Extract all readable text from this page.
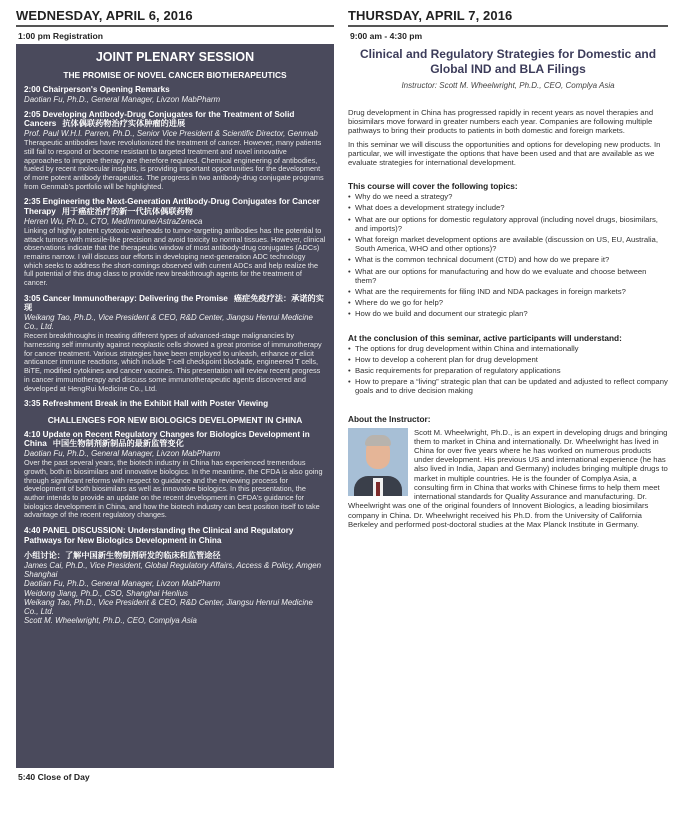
WEDNESDAY, APRIL 6, 2016
1:00 pm Registration
JOINT PLENARY SESSION
THE PROMISE OF NOVEL CANCER BIOTHERAPEUTICS
2:00 Chairperson's Opening Remarks
Daotian Fu, Ph.D., General Manager, Livzon MabPharm
2:05 Developing Antibody-Drug Conjugates for the Treatment of Solid Cancers 抗体偶联药物治疗实体肿瘤的进展
Prof. Paul W.H.I. Parren, Ph.D., Senior Vice President & Scientific Director, Genmab
Therapeutic antibodies have revolutionized the treatment of cancer. However, many patients still fail to respond or become resistant to targeted treatment and novel innovative approaches to improve therapy are therefore required. Chemical engineering of antibodies, fueled by recent molecular insights, is providing important opportunities for the development of more potent antibody therapeutics. The progress in two antibody-drug conjugate programs from Genmab's portfolio will be highlighted.
2:35 Engineering the Next-Generation Antibody-Drug Conjugates for Cancer Therapy 用于癌症治疗的新一代抗体偶联药物
Herren Wu, Ph.D., CTO, MedImmune/AstraZeneca
Linking of highly potent cytotoxic warheads to tumor-targeting antibodies has the potential to attack tumors with missile-like precision and avoid toxicity to normal tissues. However, clinical observations indicate that the therapeutic window of most antibody-drug conjugates (ADCs) remains narrow. I will discuss our efforts in developing next-generation ADC technology which seeks to address the short-comings observed with current ADCs and help realize the full potential of this drug class to provide new breakthrough agents for the treatment of cancer.
3:05 Cancer Immunotherapy: Delivering the Promise 癌症免疫疗法：承诺的实现
Weikang Tao, Ph.D., Vice President & CEO, R&D Center, Jiangsu Henrui Medicine Co., Ltd.
Recent breakthroughs in treating different types of advanced-stage malignancies by harnessing self immunity against neoplastic cells showed a great promise of immunotherapy for cancer treatment. Various strategies have been employed to unleash, enhance or elicit anticancer immune reactions, which include T-cell checkpoint blockade, engineered T cells, BiTE, modified cytokines and cancer vaccines. This presentation will review recent progress in cancer immunotherapy and discuss some immunotherapeutic agents discovered and developed at HengRui Medicine Co., Ltd.
3:35 Refreshment Break in the Exhibit Hall with Poster Viewing
CHALLENGES FOR NEW BIOLOGICS DEVELOPMENT IN CHINA
4:10 Update on Recent Regulatory Changes for Biologics Development in China 中国生物制剂新制品的最新监管变化
Daotian Fu, Ph.D., General Manager, Livzon MabPharm
Over the past several years, the biotech industry in China has experienced tremendous growth, both in biosimilars and innovative biologics. In the meantime, the CFDA is also going through significant reforms with respect to guidance and the reviewing process for development of both biosimilars as well as innovative biologics. In this presentation, the author intends to provide an update on the recent development in CFDA's guidance for biologics development in China, and how the biotech industry can best position itself to take advantage of the recent regulatory changes.
4:40 PANEL DISCUSSION: Understanding the Clinical and Regulatory Pathways for New Biologics Development in China
小组讨论：了解中国新生物制剂研发的临床和监管途径
James Cai, Ph.D., Vice President, Global Regulatory Affairs, Access & Policy, Amgen Shanghai
Daotian Fu, Ph.D., General Manager, Livzon MabPharm
Weidong Jiang, Ph.D., CSO, Shanghai Henlius
Weikang Tao, Ph.D., Vice President & CEO, R&D Center, Jiangsu Henrui Medicine Co., Ltd.
Scott M. Wheelwright, Ph.D., CEO, Complya Asia
5:40 Close of Day
THURSDAY, APRIL 7, 2016
9:00 am - 4:30 pm
Clinical and Regulatory Strategies for Domestic and Global IND and BLA Filings
Instructor: Scott M. Wheelwright, Ph.D., CEO, Complya Asia

Drug development in China has progressed rapidly in recent years as novel therapies and biosimilars move forward in greater numbers each year. Companies are following multiple pathways to bring their products to patients in both domestic and foreign markets.

In this seminar we will discuss the opportunities and options for developing new products. In particular, we will investigate the options that have been used and that are available as we evaluate strategies for international development.

This course will cover the following topics:
• Why do we need a strategy?
• What does a development strategy include?
• What are our options for domestic regulatory approval (including novel drugs, biosimilars, and imports)?
• What foreign market development options are available (discussion on US, EU, Australia, South America, WHO and other options)?
• What is the common technical document (CTD) and how do we prepare it?
• What are our options for manufacturing and how do we evaluate and choose between them?
• What are the requirements for filing IND and NDA packages in foreign markets?
• Where do we go for help?
• How do we build and document our strategic plan?
At the conclusion of this seminar, active participants will understand:
• The options for drug development within China and internationally
• How to develop a coherent plan for drug development
• Basic requirements for preparation of regulatory applications
• How to prepare a “living” strategic plan that can be updated and adjusted to reflect company goals and to drive decision making
About the Instructor:
Scott M. Wheelwright, Ph.D., is an expert in developing drugs and bringing them to market in China and internationally. Dr. Wheelwright has lived in China for over five years where he has worked on numerous products under development. His previous US and international experience (he has also lived in India, Japan and Germany) includes bringing multiple drugs to market in multiple countries. He is the founder of Complya Asia, a consulting firm in China that works with Chinese firms to help them meet international standards for Quality Assurance and manufacturing. Dr. Wheelwright was one of the original founders of Innovent Biologics, a leading biosimilars company in China. Dr. Wheelwright received his Ph.D. from the University of California Berkeley and performed post-doctoral studies at the Max Planck Institute in Germany.
